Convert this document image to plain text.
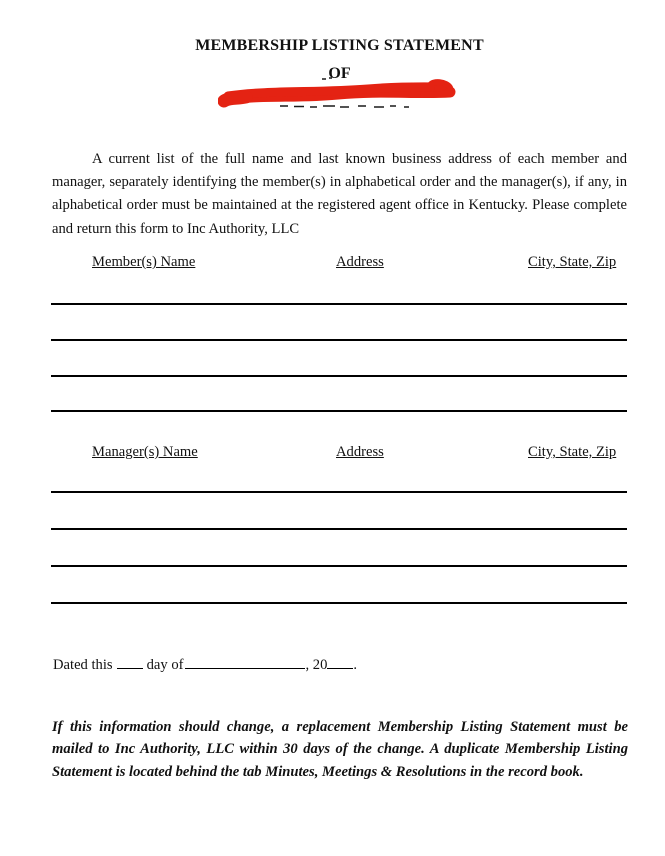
MEMBERSHIP LISTING STATEMENT
OF

A current list of the full name and last known business address of each member and manager, separately identifying the member(s) in alphabetical order and the manager(s), if any, in alphabetical order must be maintained at the registered agent office in Kentucky. Please complete and return this form to Inc Authority, LLC

Member(s) Name	Address	City, State, Zip
Manager(s) Name	Address	City, State, Zip
Dated this day of	, 20 .

If this information should change, a replacement Membership Listing Statement must be mailed to Inc Authority, LLC within 30 days of the change. A duplicate Membership Listing Statement is located behind the tab Minutes, Meetings & Resolutions in the record book.
